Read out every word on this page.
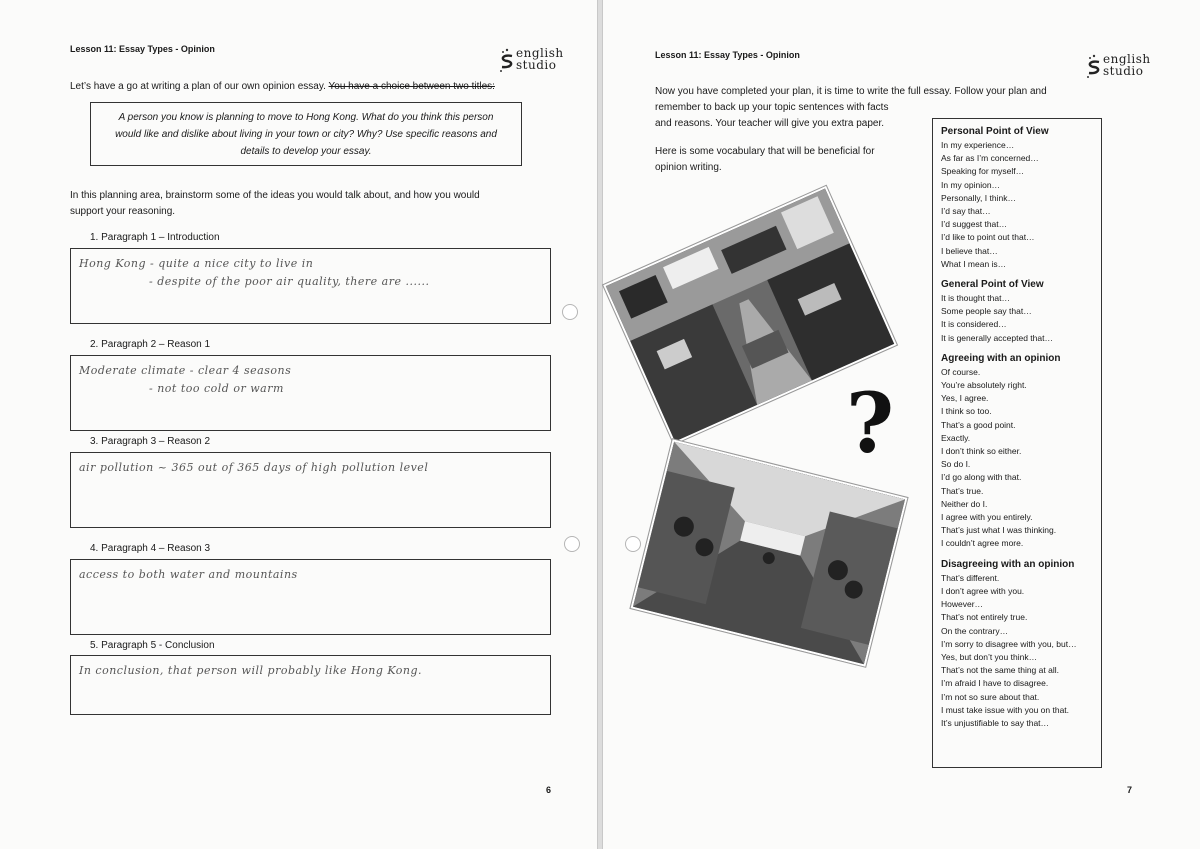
Lesson 11: Essay Types - Opinion	english
studio
Let’s have a go at writing a plan of our own opinion essay. You have a choice between two titles:
A person you know is planning to move to Hong Kong. What do you think this person would like and dislike about living in your town or city? Why? Use specific reasons and details to develop your essay.
In this planning area, brainstorm some of the ideas you would talk about, and how you would
support your reasoning.
1. Paragraph 1 – Introduction
Hong Kong - quite a nice city to live in
- despite of the poor air quality, there are ......
2. Paragraph 2 – Reason 1
Moderate climate - clear 4 seasons
- not too cold or warm
3. Paragraph 3 – Reason 2
air pollution ~ 365 out of 365 days of high pollution level
4. Paragraph 4 – Reason 3
access to both water and mountains
5. Paragraph 5 - Conclusion
In conclusion, that person will probably like Hong Kong.
6
Lesson 11: Essay Types - Opinion	english
studio
Now you have completed your plan, it is time to write the full essay. Follow your plan and
remember to back up your topic sentences with facts
and reasons. Your teacher will give you extra paper.
Here is some vocabulary that will be beneficial for
opinion writing.
7
?
Personal Point of View
In my experience…
As far as I’m concerned…
Speaking for myself…
In my opinion…
Personally, I think…
I’d say that…
I’d suggest that…
I’d like to point out that…
I believe that…
What I mean is…
General Point of View
It is thought that…
Some people say that…
It is considered…
It is generally accepted that…
Agreeing with an opinion
Of course.
You’re absolutely right.
Yes, I agree.
I think so too.
That’s a good point.
Exactly.
I don’t think so either.
So do I.
I’d go along with that.
That’s true.
Neither do I.
I agree with you entirely.
That’s just what I was thinking.
I couldn’t agree more.
Disagreeing with an opinion
That’s different.
I don’t agree with you.
However…
That’s not entirely true.
On the contrary…
I’m sorry to disagree with you, but…
Yes, but don’t you think…
That’s not the same thing at all.
I’m afraid I have to disagree.
I’m not so sure about that.
I must take issue with you on that.
It’s unjustifiable to say that…
